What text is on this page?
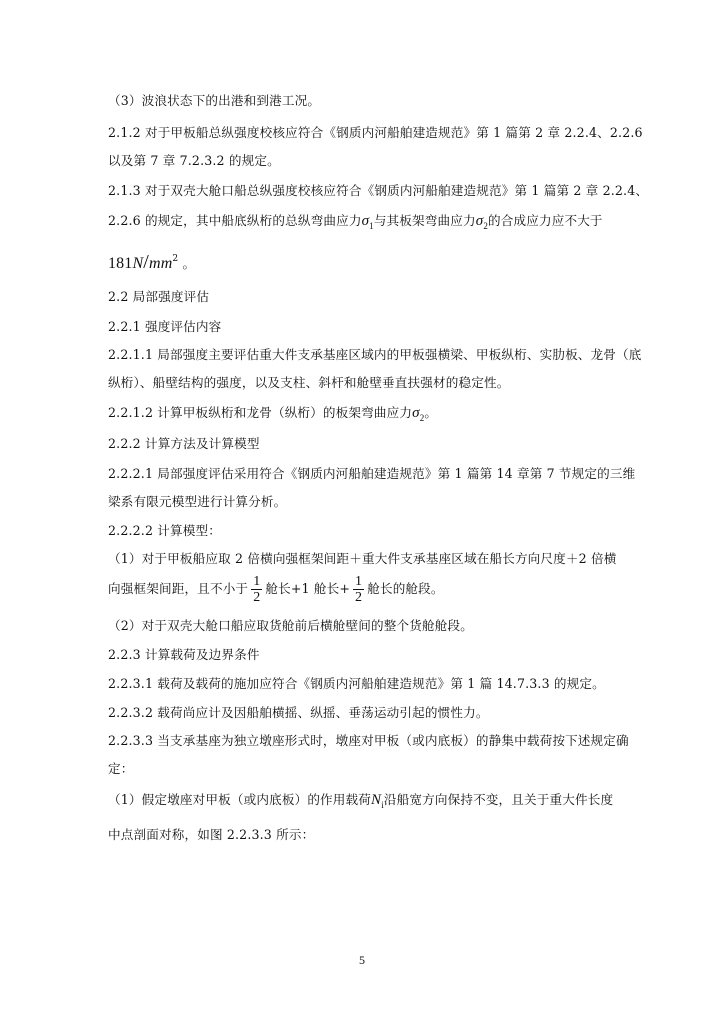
（3）波浪状态下的出港和到港工况。
2.1.2 对于甲板船总纵强度校核应符合《钢质内河船舶建造规范》第 1 篇第 2 章 2.2.4、2.2.6
以及第 7 章 7.2.3.2 的规定。
2.1.3 对于双壳大舱口船总纵强度校核应符合《钢质内河船舶建造规范》第 1 篇第 2 章 2.2.4、
2.2.6 的规定，其中船底纵桁的总纵弯曲应力$\sigma_1$与其板架弯曲应力$\sigma_2$的合成应力应不大于
$181N/mm^2$ 。
2.2 局部强度评估
2.2.1 强度评估内容
2.2.1.1 局部强度主要评估重大件支承基座区域内的甲板强横梁、甲板纵桁、实肋板、龙骨（底
纵桁）、船壁结构的强度，以及支柱、斜杆和舱壁垂直扶强材的稳定性。
2.2.1.2 计算甲板纵桁和龙骨（纵桁）的板架弯曲应力$\sigma_2$。
2.2.2 计算方法及计算模型
2.2.2.1 局部强度评估采用符合《钢质内河船舶建造规范》第 1 篇第 14 章第 7 节规定的三维
梁系有限元模型进行计算分析。
2.2.2.2 计算模型：
（1）对于甲板船应取 2 倍横向强框架间距＋重大件支承基座区域在船长方向尺度＋2 倍横
向强框架间距，且不小于 $\frac{1}{2}$ 舱长+1 舱长+ $\frac{1}{2}$ 舱长的舱段。
（2）对于双壳大舱口船应取货舱前后横舱壁间的整个货舱舱段。
2.2.3 计算载荷及边界条件
2.2.3.1 载荷及载荷的施加应符合《钢质内河船舶建造规范》第 1 篇 14.7.3.3 的规定。
2.2.3.2 载荷尚应计及因船舶横摇、纵摇、垂荡运动引起的惯性力。
2.2.3.3 当支承基座为独立墩座形式时，墩座对甲板（或内底板）的静集中载荷按下述规定确
定：
（1）假定墩座对甲板（或内底板）的作用载荷$N_i$沿船宽方向保持不变，且关于重大件长度
中点剖面对称，如图 2.2.3.3 所示：
5
